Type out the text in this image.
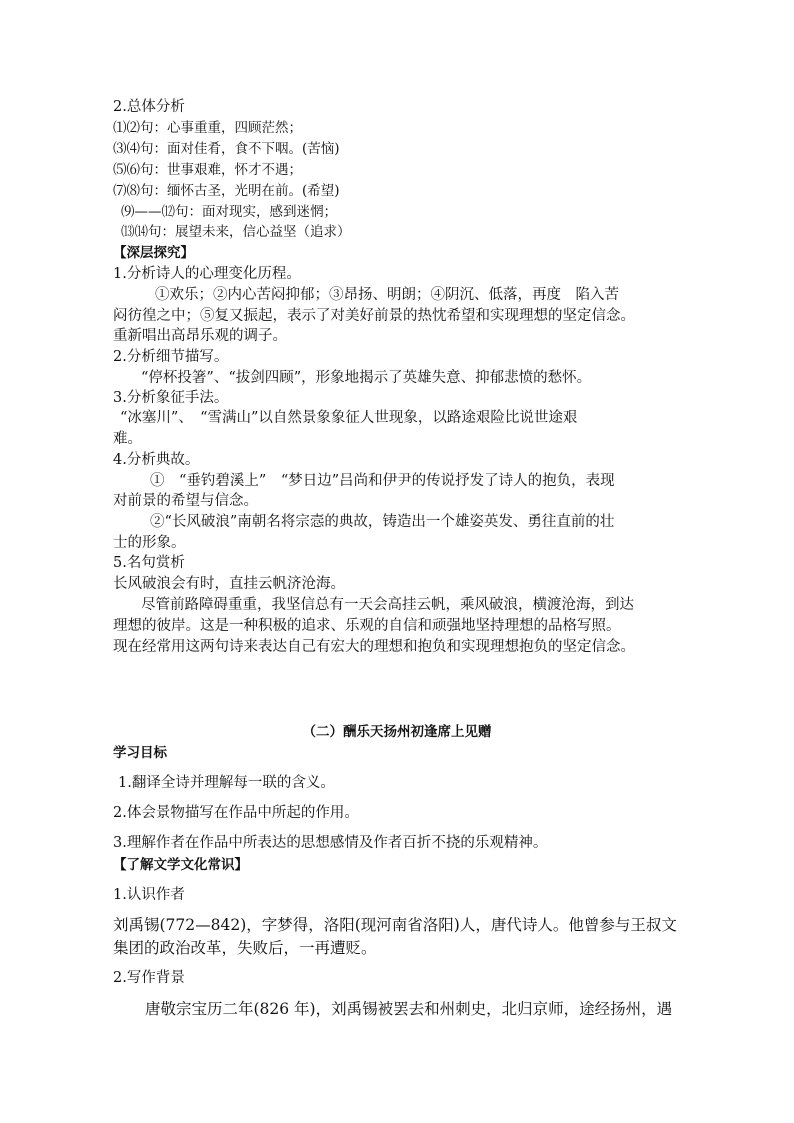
2.总体分析
⑴⑵句：心事重重，四顾茫然；
⑶⑷句：面对佳肴，食不下咽。(苦恼)
⑸⑹句：世事艰难，怀才不遇；
⑺⑻句：缅怀古圣，光明在前。(希望)
⑼——⑿句：面对现实，感到迷惘；
⒀⒁句：展望未来，信心益坚（追求）
【深层探究】
1.分析诗人的心理变化历程。
①欢乐；②内心苦闷抑郁；③昂扬、明朗；④阴沉、低落，再度　陷入苦
闷彷徨之中；⑤复又振起，表示了对美好前景的热忱希望和实现理想的坚定信念。
重新唱出高昂乐观的调子。
2.分析细节描写。
“停杯投箸”、“拔剑四顾”，形象地揭示了英雄失意、抑郁悲愤的愁怀。
3.分析象征手法。
“冰塞川”、　“雪满山”以自然景象象征人世现象，以路途艰险比说世途艰
难。
4.分析典故。
①　“垂钓碧溪上”　“梦日边”吕尚和伊尹的传说抒发了诗人的抱负，表现
对前景的希望与信念。
②“长风破浪”南朝名将宗悫的典故，铸造出一个雄姿英发、勇往直前的壮
士的形象。
5.名句赏析
长风破浪会有时，直挂云帆济沧海。
尽管前路障碍重重，我坚信总有一天会高挂云帆，乘风破浪，横渡沧海，到达
理想的彼岸。这是一种积极的追求、乐观的自信和顽强地坚持理想的品格写照。
现在经常用这两句诗来表达自己有宏大的理想和抱负和实现理想抱负的坚定信念。
（二）酬乐天扬州初逢席上见赠
学习目标
1.翻译全诗并理解每一联的含义。
2.体会景物描写在作品中所起的作用。
3.理解作者在作品中所表达的思想感情及作者百折不挠的乐观精神。
【了解文学文化常识】
1.认识作者
刘禹锡(772—842)，字梦得，洛阳(现河南省洛阳)人，唐代诗人。他曾参与王叔文
集团的政治改革，失败后，一再遭贬。
2.写作背景
唐敬宗宝历二年(826 年)，刘禹锡被罢去和州刺史，北归京师，途经扬州，遇
